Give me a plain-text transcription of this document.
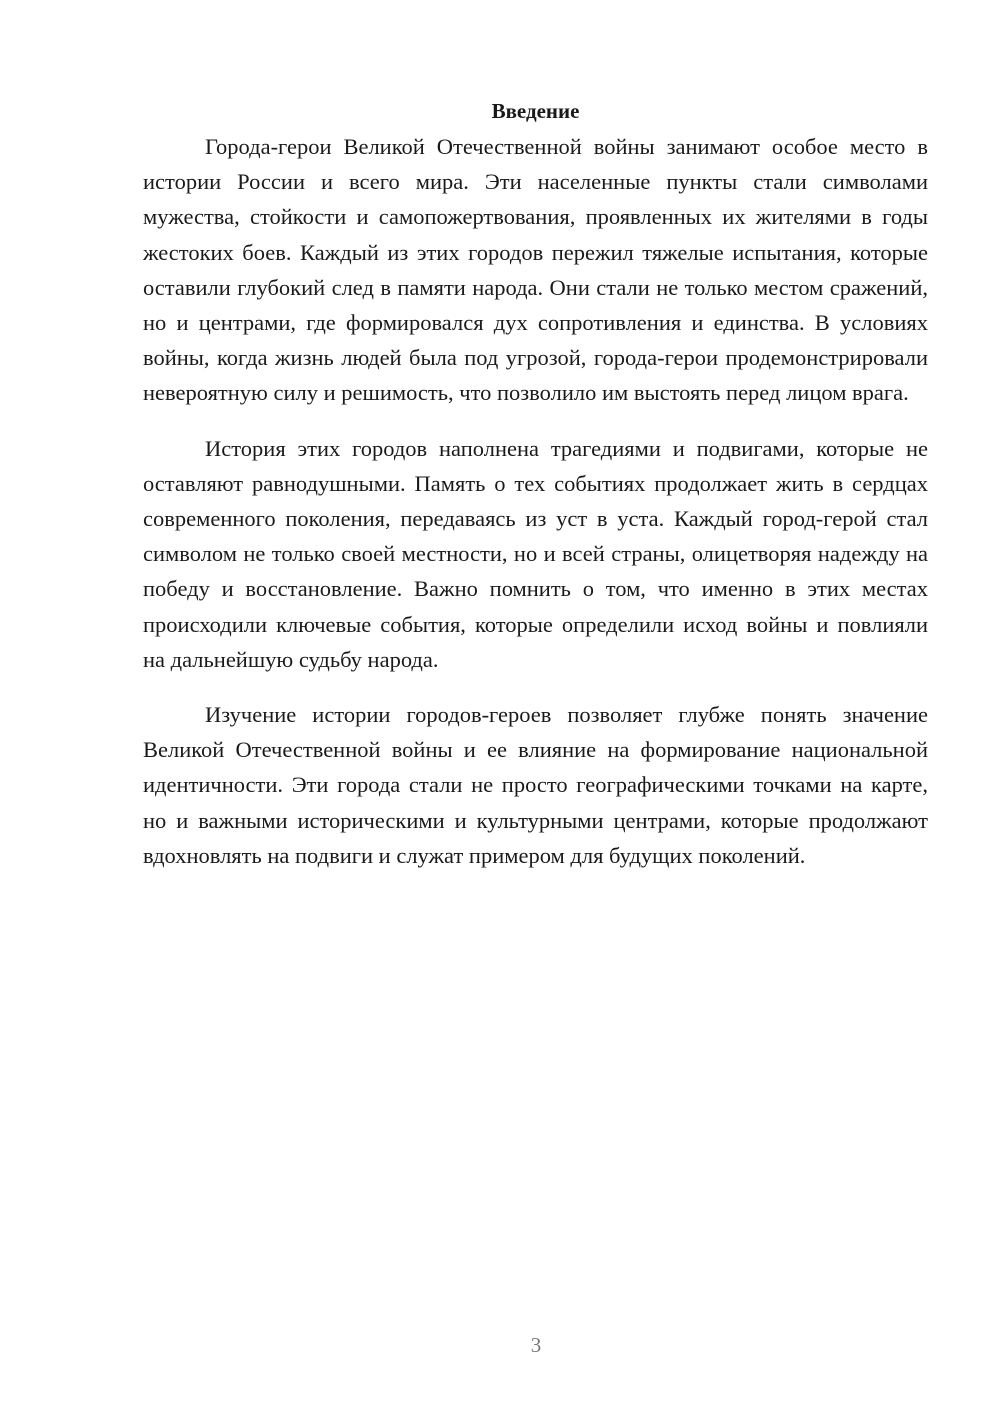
Введение

Города-герои Великой Отечественной войны занимают особое место в истории России и всего мира. Эти населенные пункты стали символами мужества, стойкости и самопожертвования, проявленных их жителями в годы жестоких боев. Каждый из этих городов пережил тяжелые испытания, которые оставили глубокий след в памяти народа. Они стали не только местом сражений, но и центрами, где формировался дух сопротивления и единства. В условиях войны, когда жизнь людей была под угрозой, города-герои продемонстрировали невероятную силу и решимость, что позволило им выстоять перед лицом врага.

История этих городов наполнена трагедиями и подвигами, которые не оставляют равнодушными. Память о тех событиях продолжает жить в сердцах современного поколения, передаваясь из уст в уста. Каждый город-герой стал символом не только своей местности, но и всей страны, олицетворяя надежду на победу и восстановление. Важно помнить о том, что именно в этих местах происходили ключевые события, которые определили исход войны и повлияли на дальнейшую судьбу народа.

Изучение истории городов-героев позволяет глубже понять значение Великой Отечественной войны и ее влияние на формирование национальной идентичности. Эти города стали не просто географическими точками на карте, но и важными историческими и культурными центрами, которые продолжают вдохновлять на подвиги и служат примером для будущих поколений.

3
